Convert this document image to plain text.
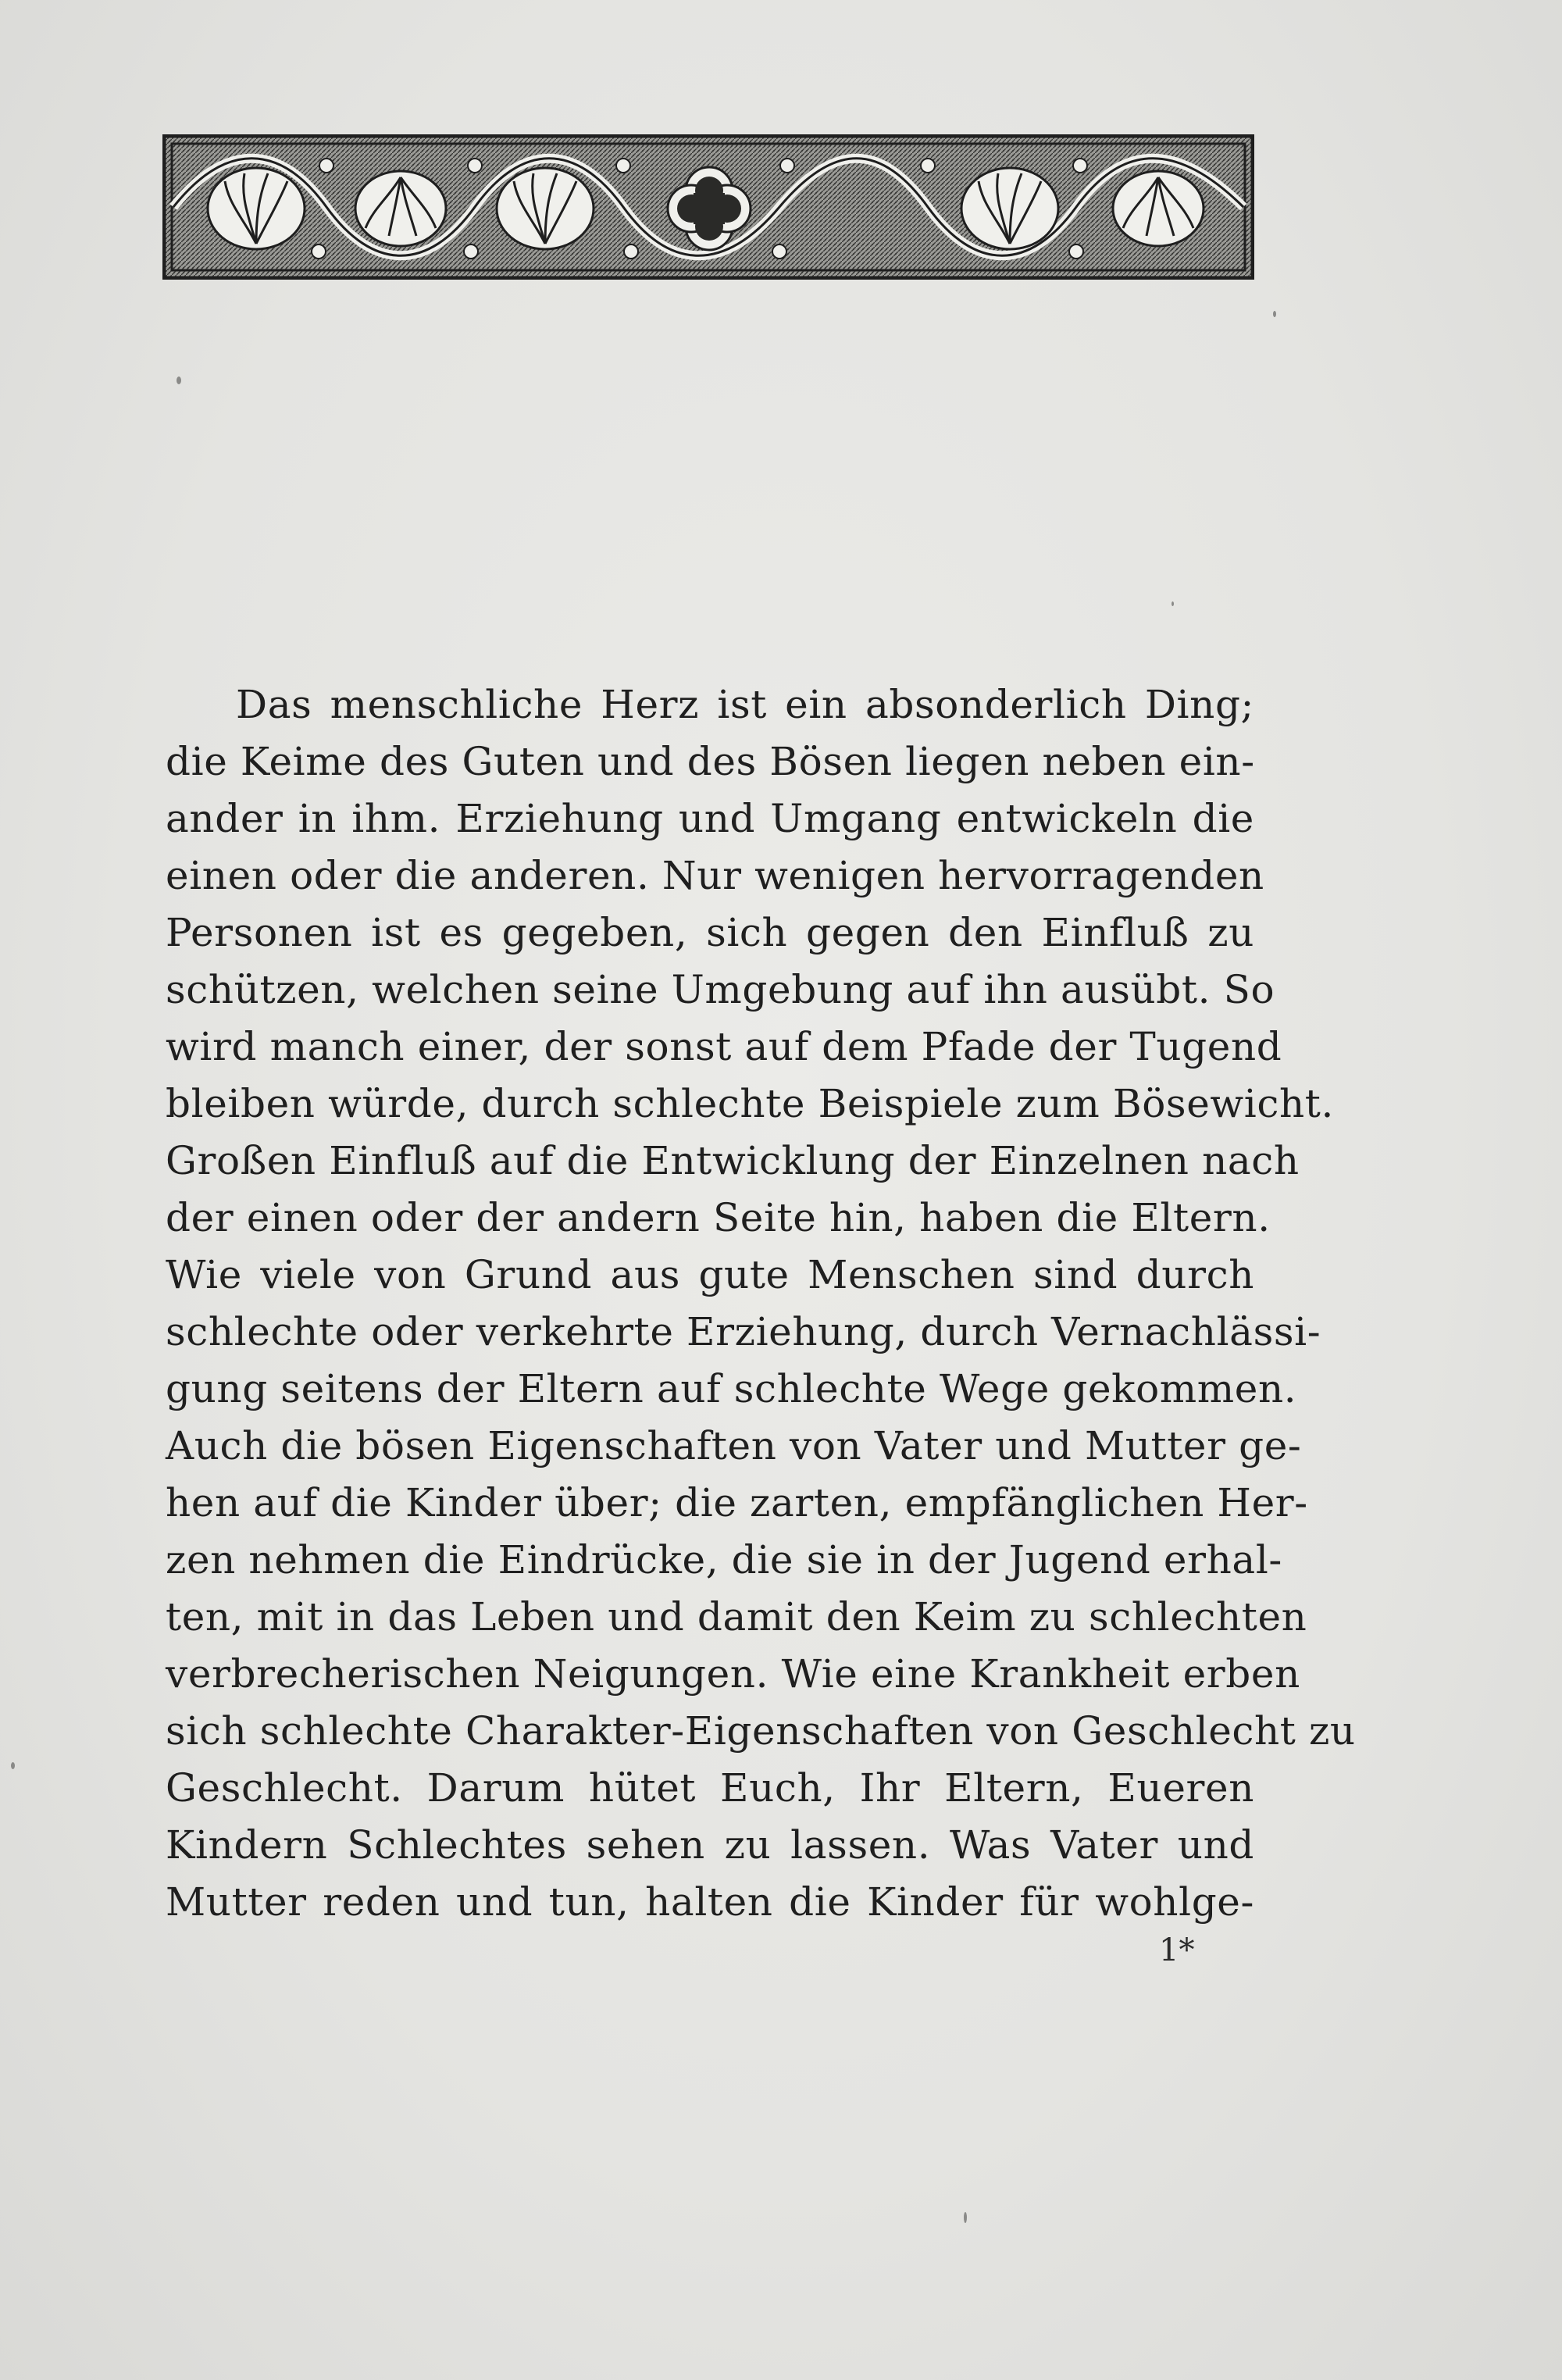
Das menschliche Herz ist ein absonderlich Ding;
die Keime des Guten und des Bösen liegen neben ein-
ander in ihm. Erziehung und Umgang entwickeln die
einen oder die anderen. Nur wenigen hervorragenden
Personen ist es gegeben, sich gegen den Einfluß zu
schützen, welchen seine Umgebung auf ihn ausübt. So
wird manch einer, der sonst auf dem Pfade der Tugend
bleiben würde, durch schlechte Beispiele zum Bösewicht.
Großen Einfluß auf die Entwicklung der Einzelnen nach
der einen oder der andern Seite hin, haben die Eltern.
Wie viele von Grund aus gute Menschen sind durch
schlechte oder verkehrte Erziehung, durch Vernachlässi-
gung seitens der Eltern auf schlechte Wege gekommen.
Auch die bösen Eigenschaften von Vater und Mutter ge-
hen auf die Kinder über; die zarten, empfänglichen Her-
zen nehmen die Eindrücke, die sie in der Jugend erhal-
ten, mit in das Leben und damit den Keim zu schlechten
verbrecherischen Neigungen. Wie eine Krankheit erben
sich schlechte Charakter-Eigenschaften von Geschlecht zu
Geschlecht. Darum hütet Euch, Ihr Eltern, Eueren
Kindern Schlechtes sehen zu lassen. Was Vater und
Mutter reden und tun, halten die Kinder für wohlge-
1*
